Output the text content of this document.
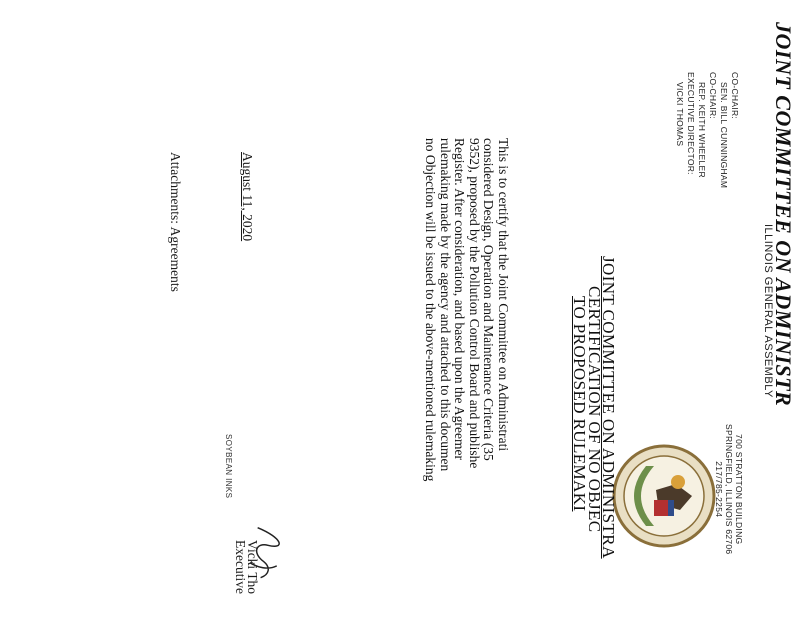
JOINT COMMITTEE ON ADMINISTR
ILLINOIS GENERAL ASSEMBLY
CO-CHAIR:
SEN. BILL CUNNINGHAM
CO-CHAIR:
REP. KEITH WHEELER
EXECUTIVE DIRECTOR:
VICKI THOMAS
700 STRATTON BUILDING
SPRINGFIELD, ILLINOIS 62706
217/785-2254
JOINT COMMITTEE ON ADMINISTRA
CERTIFICATION OF NO OBJEC
TO PROPOSED RULEMAKI
This is to certify that the Joint Committee on Administrati
considered Design, Operation and Maintenance Criteria (35
9352), proposed by the Pollution Control Board and publishe
Register. After consideration, and based upon the Agreemer
rulemaking made by the agency and attached to this documen
no Objection will be issued to the above-mentioned rulemaking
Vicki Tho
Executive
August 11, 2020
Attachments: Agreements
SOYBEAN INKS
